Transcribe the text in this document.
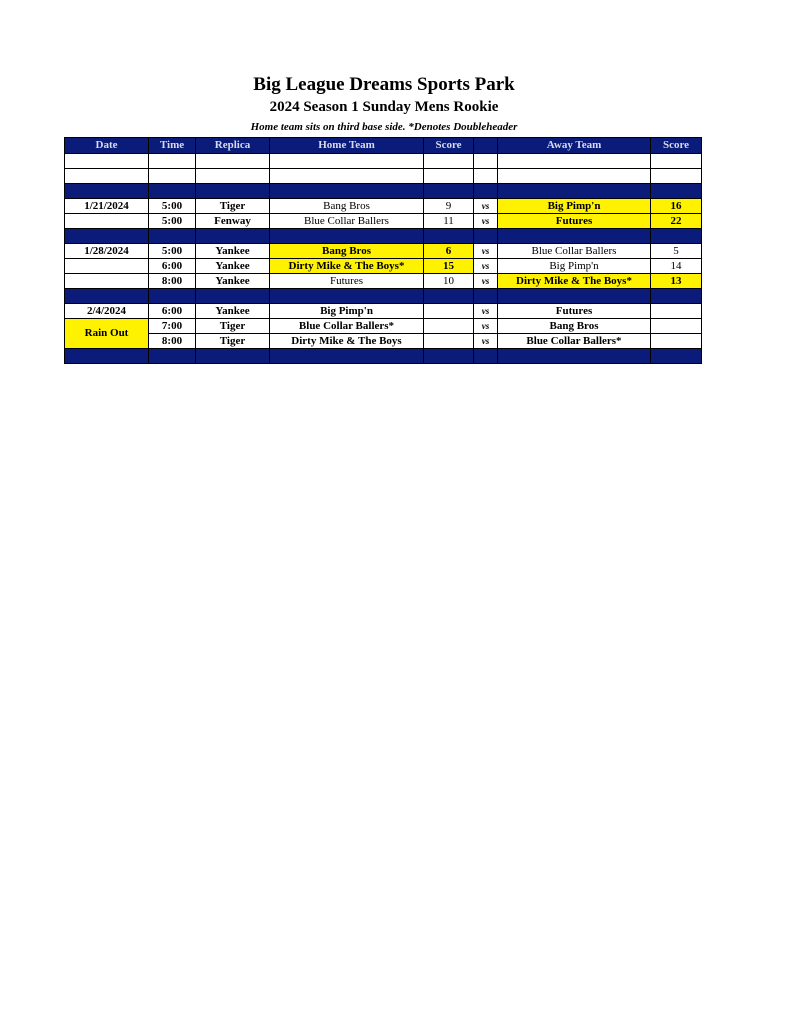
Big League Dreams Sports Park
2024 Season 1 Sunday Mens Rookie
Home team sits on third base side. *Denotes Doubleheader
Date	Time	Replica	Home Team	Score		Away Team	Score

1/21/2024	5:00	Tiger	Bang Bros	9	vs	Big Pimp'n	16
	5:00	Fenway	Blue Collar Ballers	11	vs	Futures	22

1/28/2024	5:00	Yankee	Bang Bros	6	vs	Blue Collar Ballers	5
	6:00	Yankee	Dirty Mike & The Boys*	15	vs	Big Pimp'n	14
	8:00	Yankee	Futures	10	vs	Dirty Mike & The Boys*	13

2/4/2024	6:00	Yankee	Big Pimp'n		vs	Futures	
Rain Out	7:00	Tiger	Blue Collar Ballers*		vs	Bang Bros	
	8:00	Tiger	Dirty Mike & The Boys		vs	Blue Collar Ballers*	
